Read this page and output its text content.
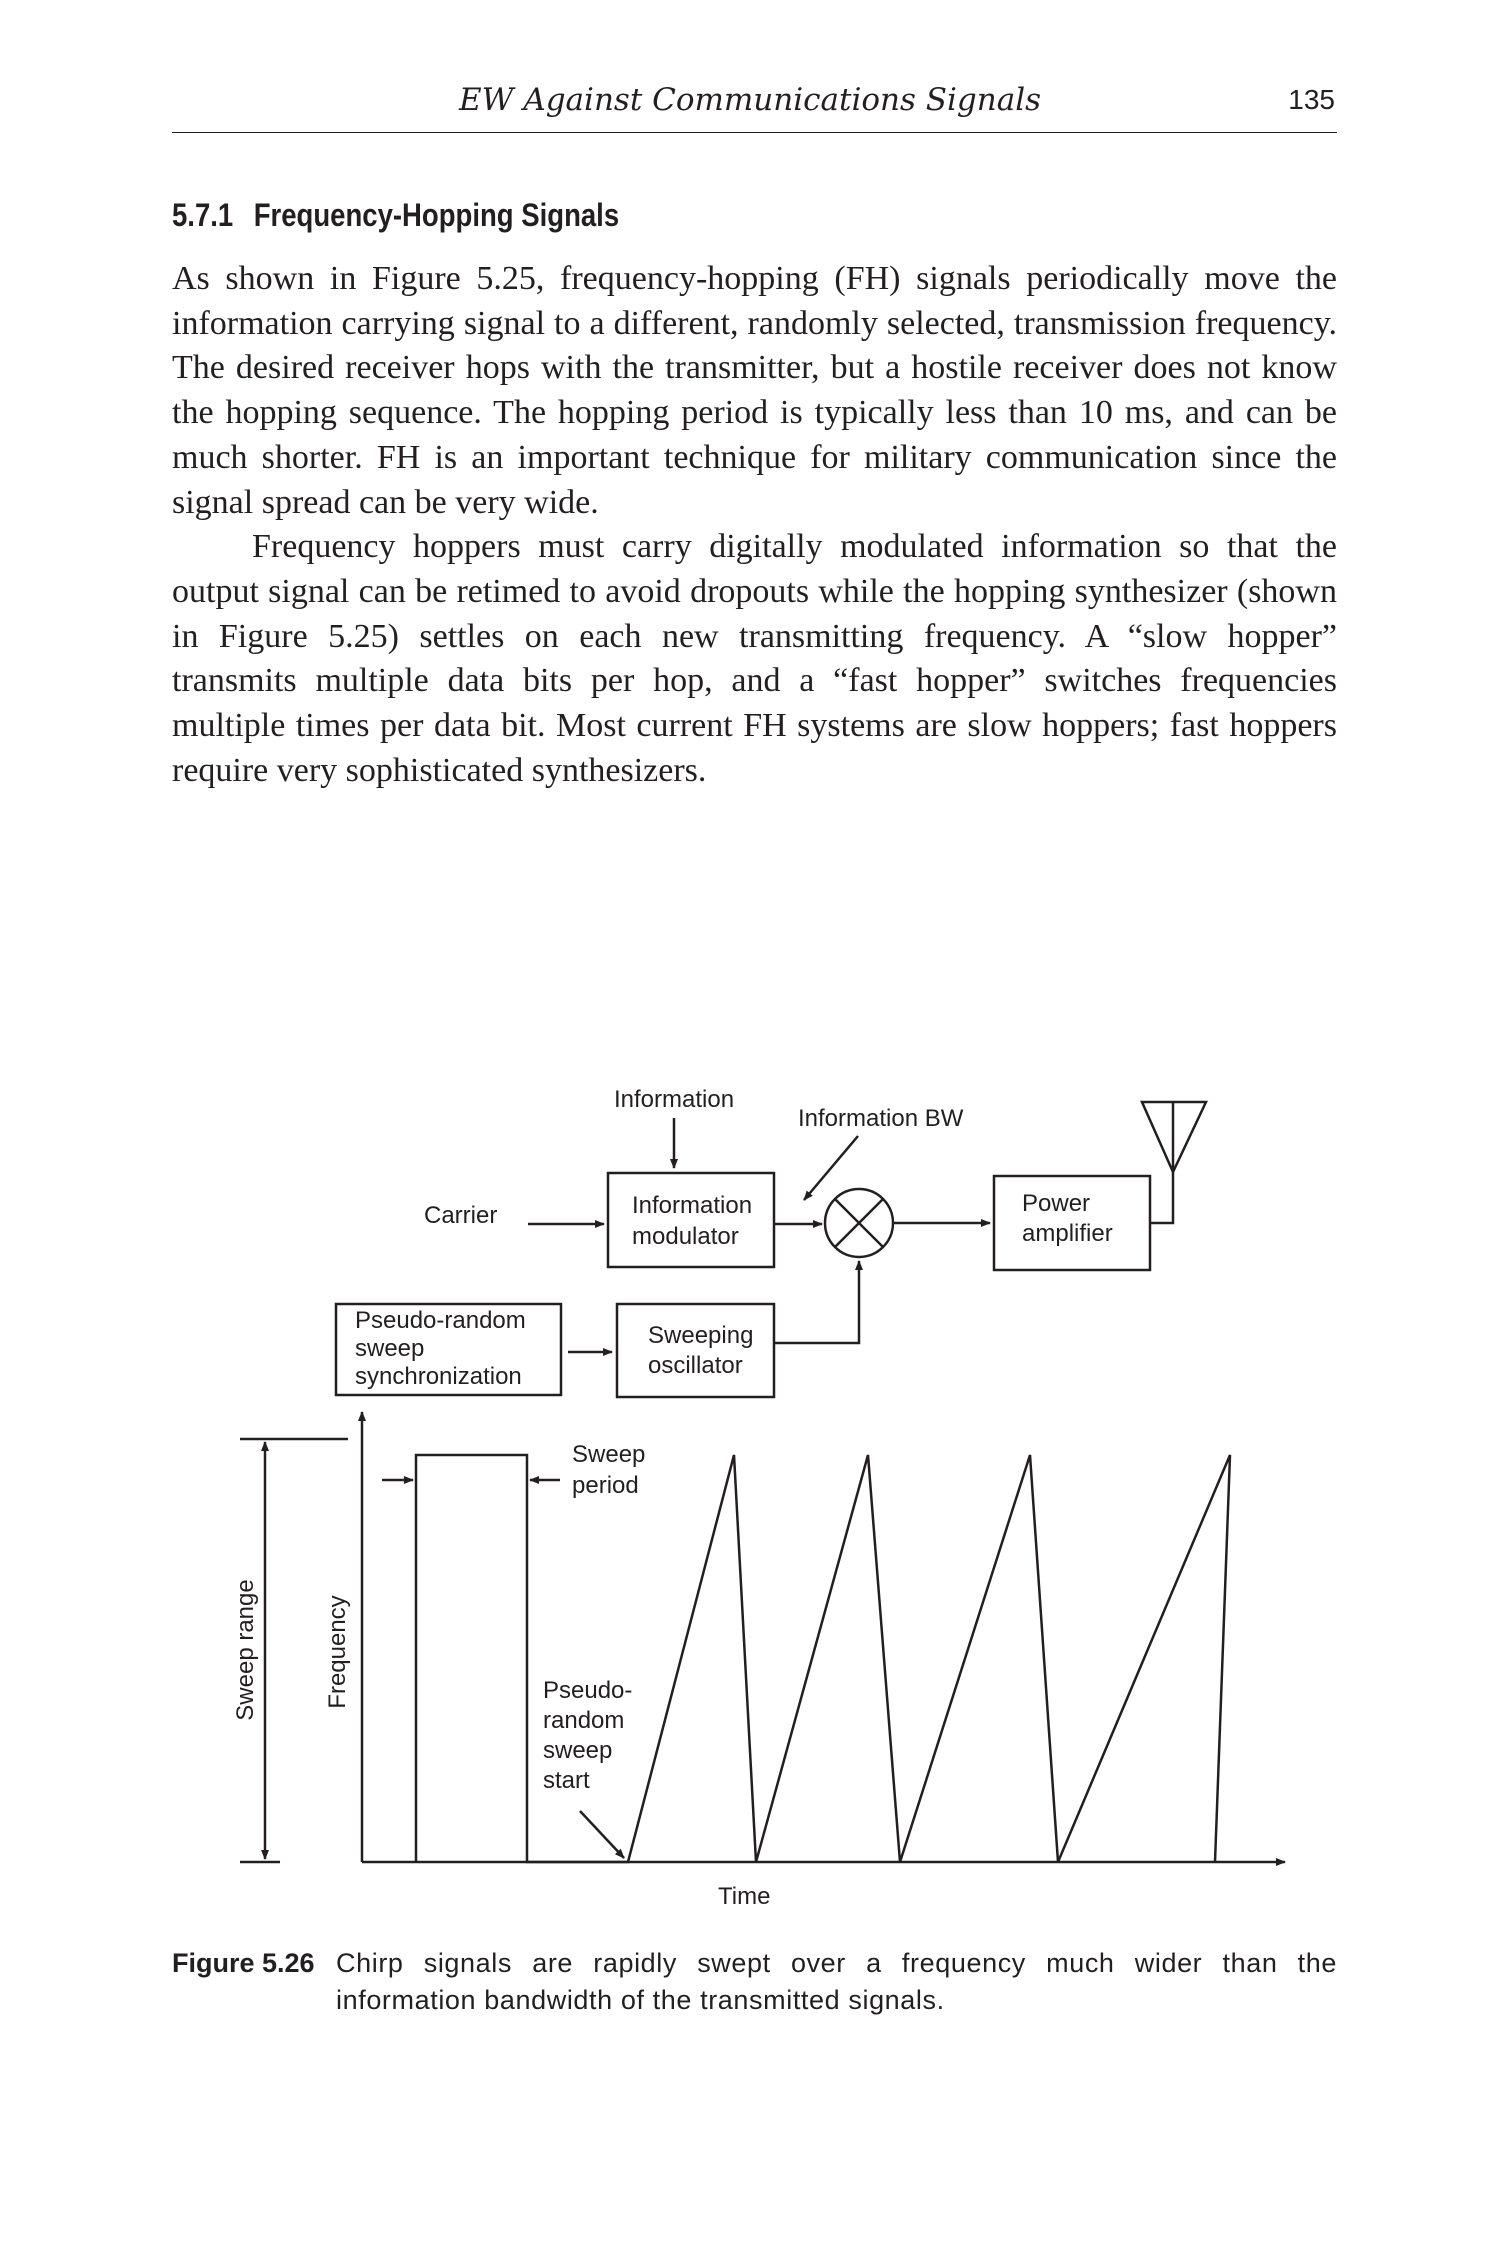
EW Against Communications Signals	135
5.7.1 Frequency-Hopping Signals

As shown in Figure 5.25, frequency-hopping (FH) signals periodically move the information carrying signal to a different, randomly selected, transmission frequency. The desired receiver hops with the transmitter, but a hostile receiver does not know the hopping sequence. The hopping period is typically less than 10 ms, and can be much shorter. FH is an important technique for military communication since the signal spread can be very wide.

Frequency hoppers must carry digitally modulated information so that the output signal can be retimed to avoid dropouts while the hopping synthesizer (shown in Figure 5.25) settles on each new transmitting frequency. A “slow hopper” transmits multiple data bits per hop, and a “fast hopper” switches frequencies multiple times per data bit. Most current FH systems are slow hoppers; fast hoppers require very sophisticated synthesizers.

Information
Information BW
Carrier	Information
modulator
Power
amplifier
Pseudo-random
sweep
synchronization
Sweeping
oscillator
Sweep
period
Sweep range	Frequency	Pseudo-
random
sweep
start
Time
Figure 5.26 Chirp signals are rapidly swept over a frequency much wider than the information bandwidth of the transmitted signals.
